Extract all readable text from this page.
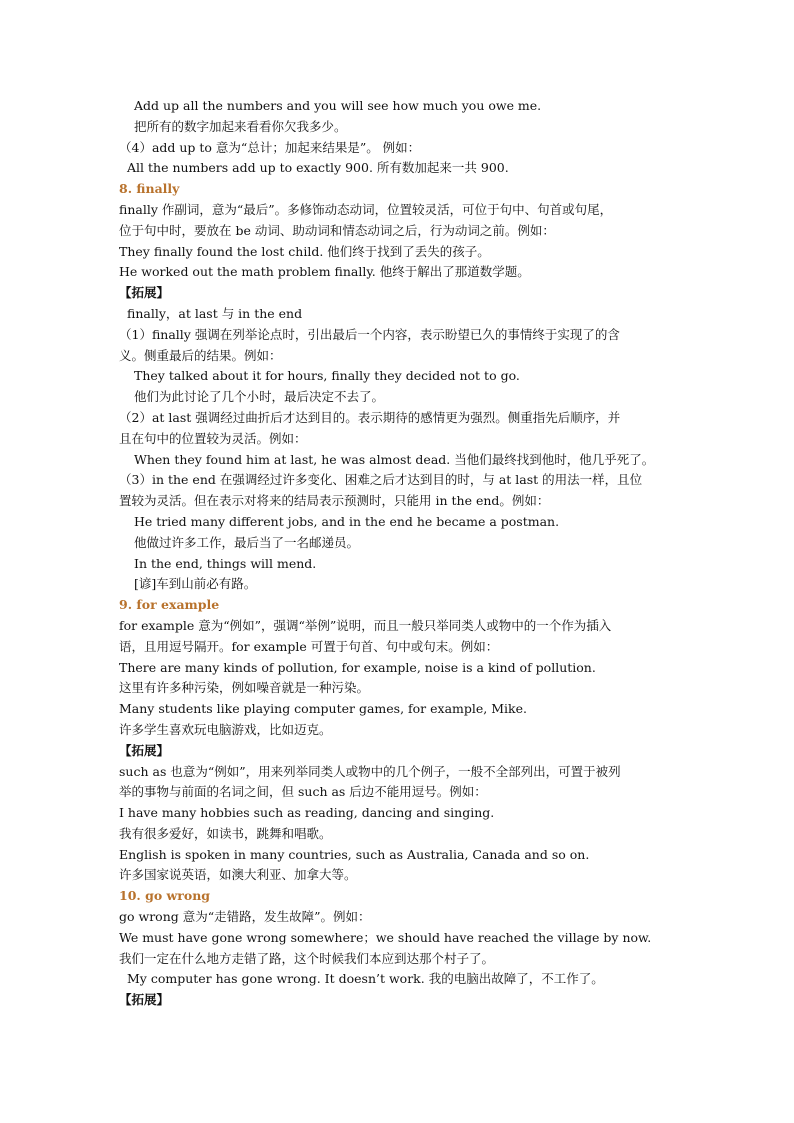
Add up all the numbers and you will see how much you owe me.
把所有的数字加起来看看你欠我多少。
（4）add up to 意为“总计；加起来结果是”。 例如：
All the numbers add up to exactly 900. 所有数加起来一共 900.
8. finally
finally 作副词，意为“最后”。多修饰动态动词，位置较灵活，可位于句中、句首或句尾，
位于句中时，要放在 be 动词、助动词和情态动词之后，行为动词之前。例如：
They finally found the lost child. 他们终于找到了丢失的孩子。
He worked out the math problem finally. 他终于解出了那道数学题。
【拓展】
finally，at last 与 in the end
（1）finally 强调在列举论点时，引出最后一个内容，表示盼望已久的事情终于实现了的含
义。侧重最后的结果。例如：
They talked about it for hours, finally they decided not to go.
他们为此讨论了几个小时，最后决定不去了。
（2）at last 强调经过曲折后才达到目的。表示期待的感情更为强烈。侧重指先后顺序，并
且在句中的位置较为灵活。例如：
When they found him at last, he was almost dead. 当他们最终找到他时，他几乎死了。
（3）in the end 在强调经过许多变化、困难之后才达到目的时，与 at last 的用法一样，且位
置较为灵活。但在表示对将来的结局表示预测时，只能用 in the end。例如：
He tried many different jobs, and in the end he became a postman.
他做过许多工作，最后当了一名邮递员。
In the end, things will mend.
[谚]车到山前必有路。
9. for example
for example 意为“例如”，强调“举例”说明，而且一般只举同类人或物中的一个作为插入
语，且用逗号隔开。for example 可置于句首、句中或句末。例如：
There are many kinds of pollution, for example, noise is a kind of pollution.
这里有许多种污染，例如噪音就是一种污染。
Many students like playing computer games, for example, Mike.
许多学生喜欢玩电脑游戏，比如迈克。
【拓展】
such as 也意为“例如”，用来列举同类人或物中的几个例子，一般不全部列出，可置于被列
举的事物与前面的名词之间，但 such as 后边不能用逗号。例如：
I have many hobbies such as reading, dancing and singing.
我有很多爱好，如读书，跳舞和唱歌。
English is spoken in many countries, such as Australia, Canada and so on.
许多国家说英语，如澳大利亚、加拿大等。
10. go wrong
go wrong 意为“走错路，发生故障”。例如：
We must have gone wrong somewhere；we should have reached the village by now.
我们一定在什么地方走错了路，这个时候我们本应到达那个村子了。
My computer has gone wrong. It doesn’t work. 我的电脑出故障了，不工作了。
【拓展】
